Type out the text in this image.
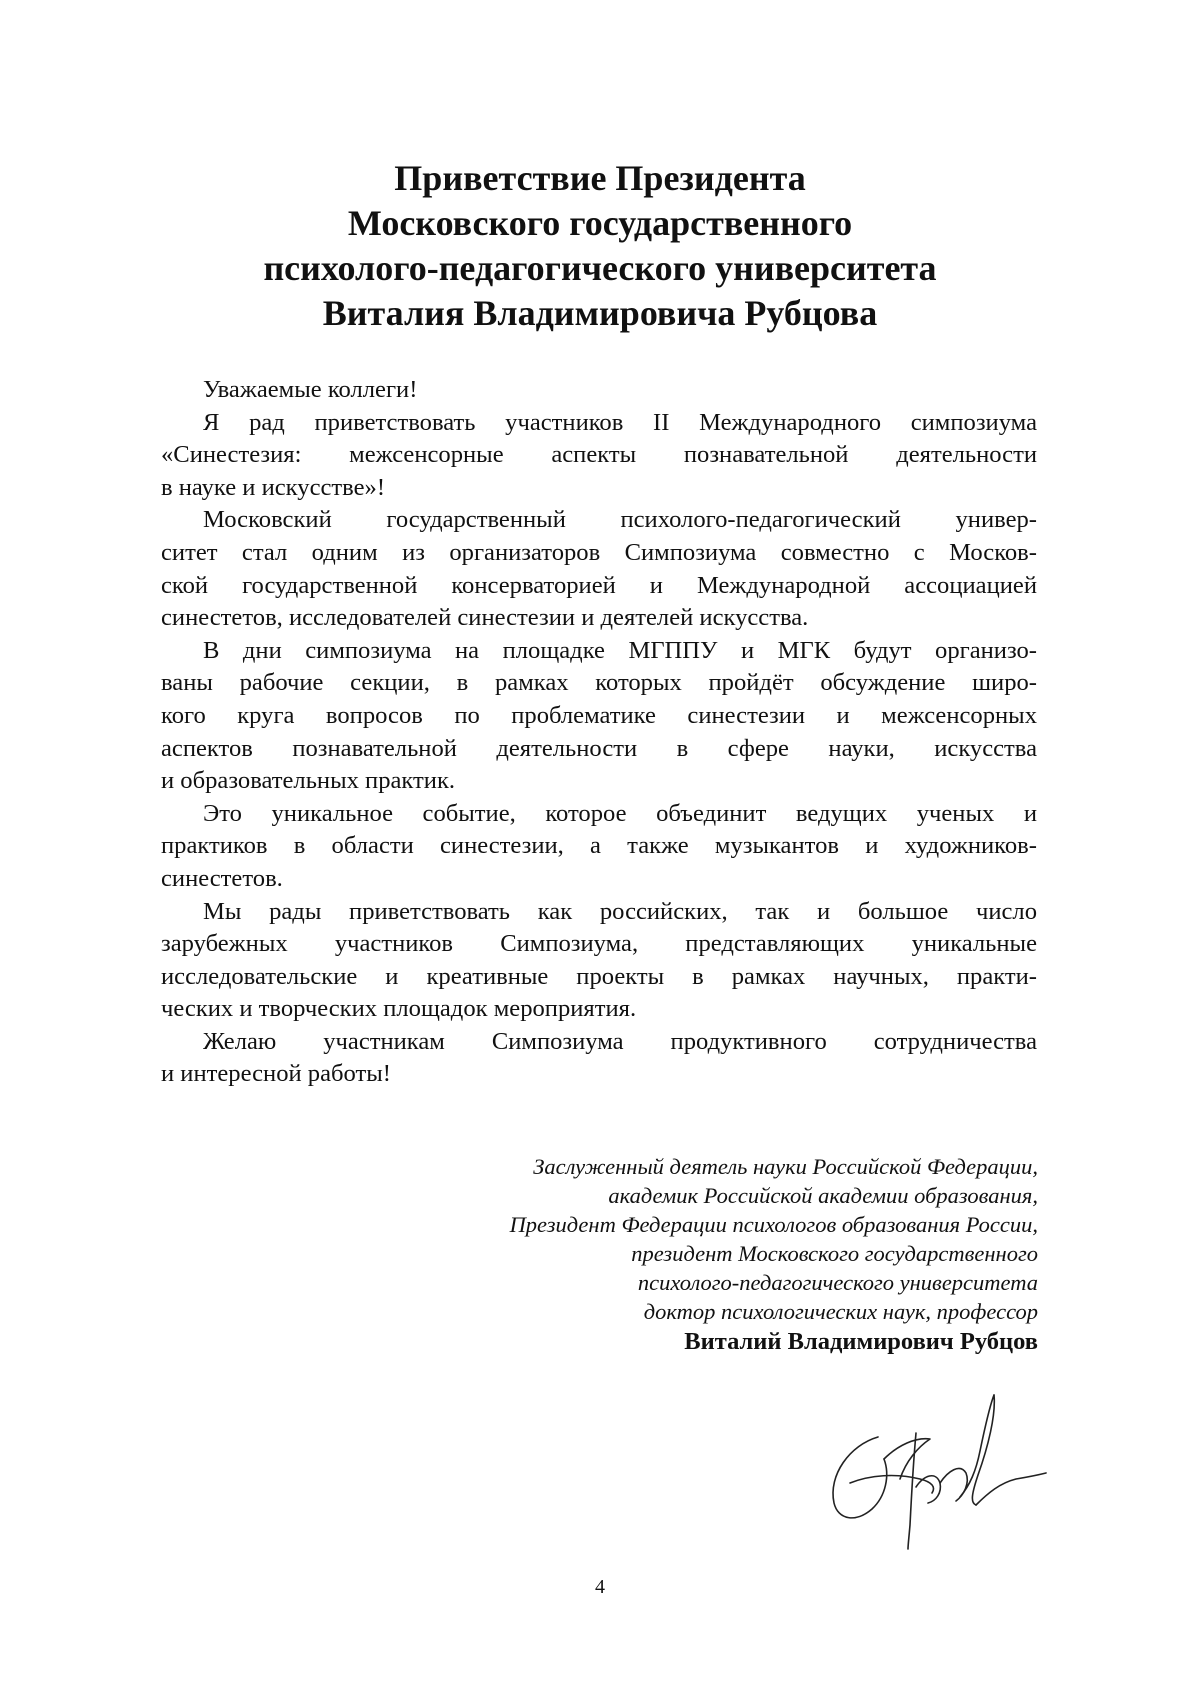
Приветствие Президента
Московского государственного
психолого-педагогического университета
Виталия Владимировича Рубцова
Уважаемые коллеги!
Я рад приветствовать участников II Международного симпозиума
«Синестезия: межсенсорные аспекты познавательной деятельности
в науке и искусстве»!
Московский государственный психолого-педагогический универ-
ситет стал одним из организаторов Симпозиума совместно с Москов-
ской государственной консерваторией и Международной ассоциацией
синестетов, исследователей синестезии и деятелей искусства.
В дни симпозиума на площадке МГППУ и МГК будут организо-
ваны рабочие секции, в рамках которых пройдёт обсуждение широ-
кого круга вопросов по проблематике синестезии и межсенсорных
аспектов познавательной деятельности в сфере науки, искусства
и образовательных практик.
Это уникальное событие, которое объединит ведущих ученых и
практиков в области синестезии, а также музыкантов и художников-
синестетов.
Мы рады приветствовать как российских, так и большое число
зарубежных участников Симпозиума, представляющих уникальные
исследовательские и креативные проекты в рамках научных, практи-
ческих и творческих площадок мероприятия.
Желаю участникам Симпозиума продуктивного сотрудничества
и интересной работы!
Заслуженный деятель науки Российской Федерации,
академик Российской академии образования,
Президент Федерации психологов образования России,
президент Московского государственного
психолого-педагогического университета
доктор психологических наук, профессор
Виталий Владимирович Рубцов
4
